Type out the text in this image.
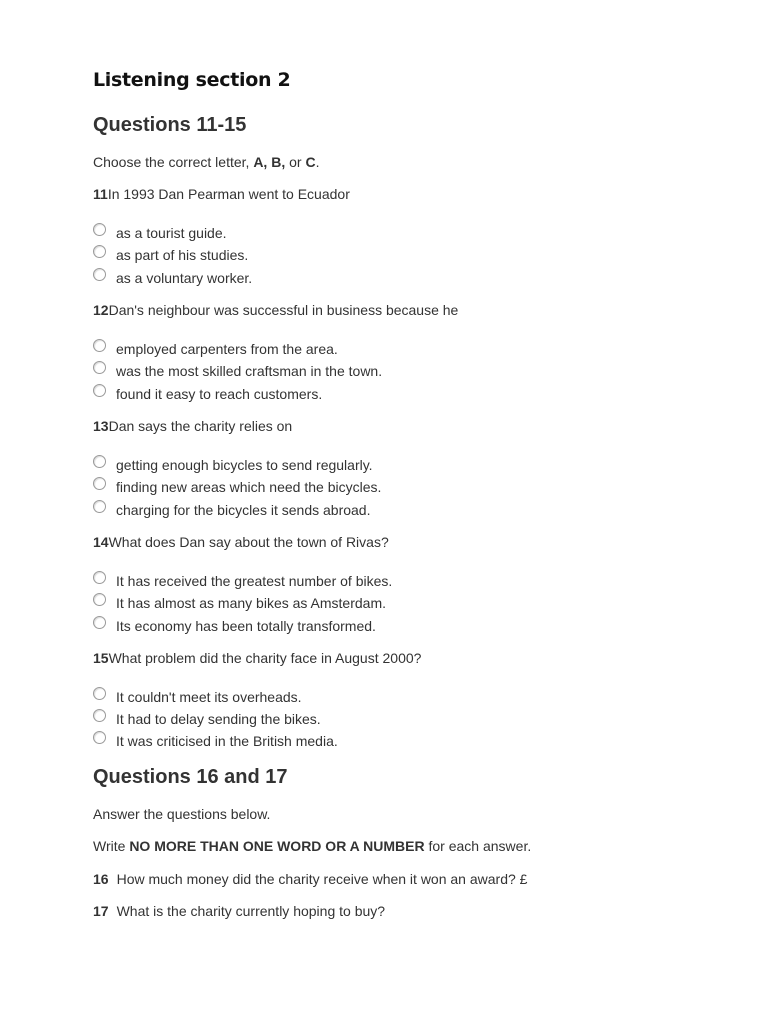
Listening section 2
Questions 11-15
Choose the correct letter, A, B, or C.
11In 1993 Dan Pearman went to Ecuador
as a tourist guide.
as part of his studies.
as a voluntary worker.
12Dan's neighbour was successful in business because he
employed carpenters from the area.
was the most skilled craftsman in the town.
found it easy to reach customers.
13Dan says the charity relies on
getting enough bicycles to send regularly.
finding new areas which need the bicycles.
charging for the bicycles it sends abroad.
14What does Dan say about the town of Rivas?
It has received the greatest number of bikes.
It has almost as many bikes as Amsterdam.
Its economy has been totally transformed.
15What problem did the charity face in August 2000?
It couldn't meet its overheads.
It had to delay sending the bikes.
It was criticised in the British media.
Questions 16 and 17
Answer the questions below.
Write NO MORE THAN ONE WORD OR A NUMBER for each answer.
16 How much money did the charity receive when it won an award? £
17 What is the charity currently hoping to buy?
